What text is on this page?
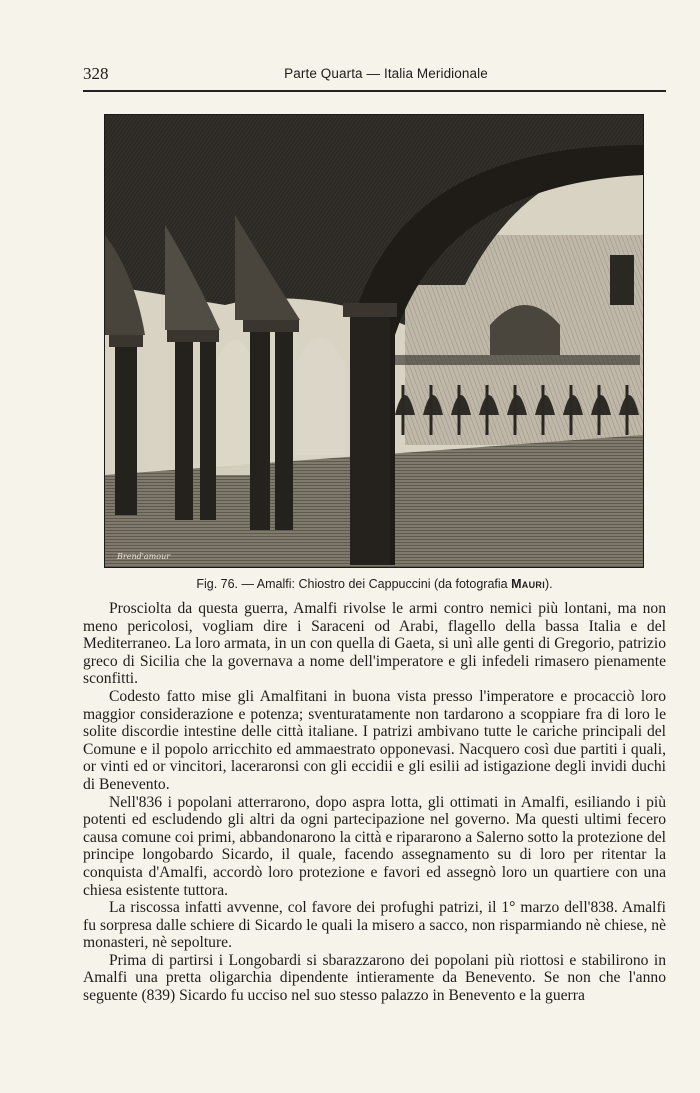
328	Parte Quarta — Italia Meridionale
Brend'amour
Fig. 76. — Amalfi: Chiostro dei Cappuccini (da fotografia Mauri).

Prosciolta da questa guerra, Amalfi rivolse le armi contro nemici più lontani, ma non meno pericolosi, vogliam dire i Saraceni od Arabi, flagello della bassa Italia e del Mediterraneo. La loro armata, in un con quella di Gaeta, si unì alle genti di Gregorio, patrizio greco di Sicilia che la governava a nome dell'imperatore e gli infedeli rimasero pienamente sconfitti.

Codesto fatto mise gli Amalfitani in buona vista presso l'imperatore e procacciò loro maggior considerazione e potenza; sventuratamente non tardarono a scoppiare fra di loro le solite discordie intestine delle città italiane. I patrizi ambivano tutte le cariche principali del Comune e il popolo arricchito ed ammaestrato opponevasi. Nacquero così due partiti i quali, or vinti ed or vincitori, laceraronsi con gli eccidii e gli esilii ad istigazione degli invidi duchi di Benevento.

Nell'836 i popolani atterrarono, dopo aspra lotta, gli ottimati in Amalfi, esiliando i più potenti ed escludendo gli altri da ogni partecipazione nel governo. Ma questi ultimi fecero causa comune coi primi, abbandonarono la città e ripararono a Salerno sotto la protezione del principe longobardo Sicardo, il quale, facendo assegnamento su di loro per ritentar la conquista d'Amalfi, accordò loro protezione e favori ed assegnò loro un quartiere con una chiesa esistente tuttora.

La riscossa infatti avvenne, col favore dei profughi patrizi, il 1° marzo dell'838. Amalfi fu sorpresa dalle schiere di Sicardo le quali la misero a sacco, non risparmiando nè chiese, nè monasteri, nè sepolture.

Prima di partirsi i Longobardi si sbarazzarono dei popolani più riottosi e stabilirono in Amalfi una pretta oligarchia dipendente intieramente da Benevento. Se non che l'anno seguente (839) Sicardo fu ucciso nel suo stesso palazzo in Benevento e la guerra
